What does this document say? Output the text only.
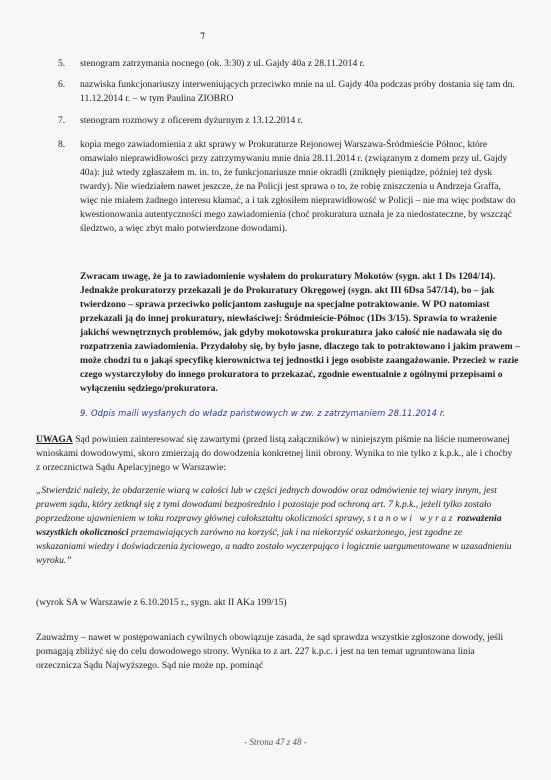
⁊
5.	stenogram zatrzymania nocnego (ok. 3:30) z ul. Gajdy 40a z 28.11.2014 r.
6.	nazwiska funkcjonariuszy interweniujących przeciwko mnie na ul. Gajdy 40a podczas próby dostania się tam dn. 11.12.2014 r. – w tym Paulina ZIOBRO
7.	stenogram rozmowy z oficerem dyżurnym z 13.12.2014 r.
8.	kopia mego zawiadomienia z akt sprawy w Prokuraturze Rejonowej Warszawa-Śródmieście Północ, które omawiało nieprawidłowości przy zatrzymywaniu mnie dnia 28.11.2014 r. (związanym z domem przy ul. Gajdy 40a): już wtedy zgłaszałem m. in. to, że funkcjonariusze mnie okradli (zniknęły pieniądze, później też dysk twardy). Nie wiedziałem nawet jeszcze, że na Policji jest sprawa o to, że robię zniszczenia u Andrzeja Graffa, więc nie miałem żadnego interesu kłamać, a i tak zgłosiłem nieprawidłowość w Policji – nie ma więc podstaw do kwestionowania autentyczności mego zawiadomienia (choć prokuratura uznała je za niedostateczne, by wszcząć śledztwo, a więc zbyt mało potwierdzone dowodami).
Zwracam uwagę, że ja to zawiadomienie wysłałem do prokuratury Mokotów (sygn. akt 1 Ds 1204/14). Jednakże prokuratorzy przekazali je do Prokuratury Okręgowej (sygn. akt III 6Dsa 547/14), bo – jak twierdzono – sprawa przeciwko policjantom zasługuje na specjalne potraktowanie. W PO natomiast przekazali ją do innej prokuratury, niewłaściwej: Śródmieście-Północ (1Ds 3/15). Sprawia to wrażenie jakichś wewnętrznych problemów, jak gdyby mokotowska prokuratura jako całość nie nadawała się do rozpatrzenia zawiadomienia. Przydałoby się, by było jasne, dlaczego tak to potraktowano i jakim prawem – może chodzi tu o jakąś specyfikę kierownictwa tej jednostki i jego osobiste zaangażowanie. Przecież w razie czego wystarczyłoby do innego prokuratora to przekazać, zgodnie ewentualnie z ogólnymi przepisami o wyłączeniu sędziego/prokuratora.
9. Odpis maili wysłanych do władz państwowych w zw. z zatrzymaniem 28.11.2014 r.
UWAGA Sąd powinien zainteresować się zawartymi (przed listą załączników) w niniejszym piśmie na liście numerowanej wnioskami dowodowymi, skoro zmierzają do dowodzenia konkretnej linii obrony. Wynika to nie tylko z k.p.k., ale i choćby z orzecznictwa Sądu Apelacyjnego w Warszawie:
„Stwierdzić należy, że obdarzenie wiarą w całości lub w części jednych dowodów oraz odmówienie tej wiary innym, jest prawem sądu, który zetknął się z tymi dowodami bezpośrednio i pozostaje pod ochroną art. 7 k.p.k., jeżeli tylko zostało poprzedzone ujawnieniem w toku rozprawy głównej całokształtu okoliczności sprawy, stanowi wyraz rozważenia wszystkich okoliczności przemawiających zarówno na korzyść, jak i na niekorzyść oskarżonego, jest zgodne ze wskazaniami wiedzy i doświadczenia życiowego, a nadto zostało wyczerpująco i logicznie uargumentowane w uzasadnieniu wyroku.”
(wyrok SA w Warszawie z 6.10.2015 r., sygn. akt II AKa 199/15)
Zauważmy – nawet w postępowaniach cywilnych obowiązuje zasada, że sąd sprawdza wszystkie zgłoszone dowody, jeśli pomagają zbliżyć się do celu dowodowego strony. Wynika to z art. 227 k.p.c. i jest na ten temat ugruntowana linia orzecznicza Sądu Najwyższego. Sąd nie może np. pominąć
- Strona 47 z 48 -
